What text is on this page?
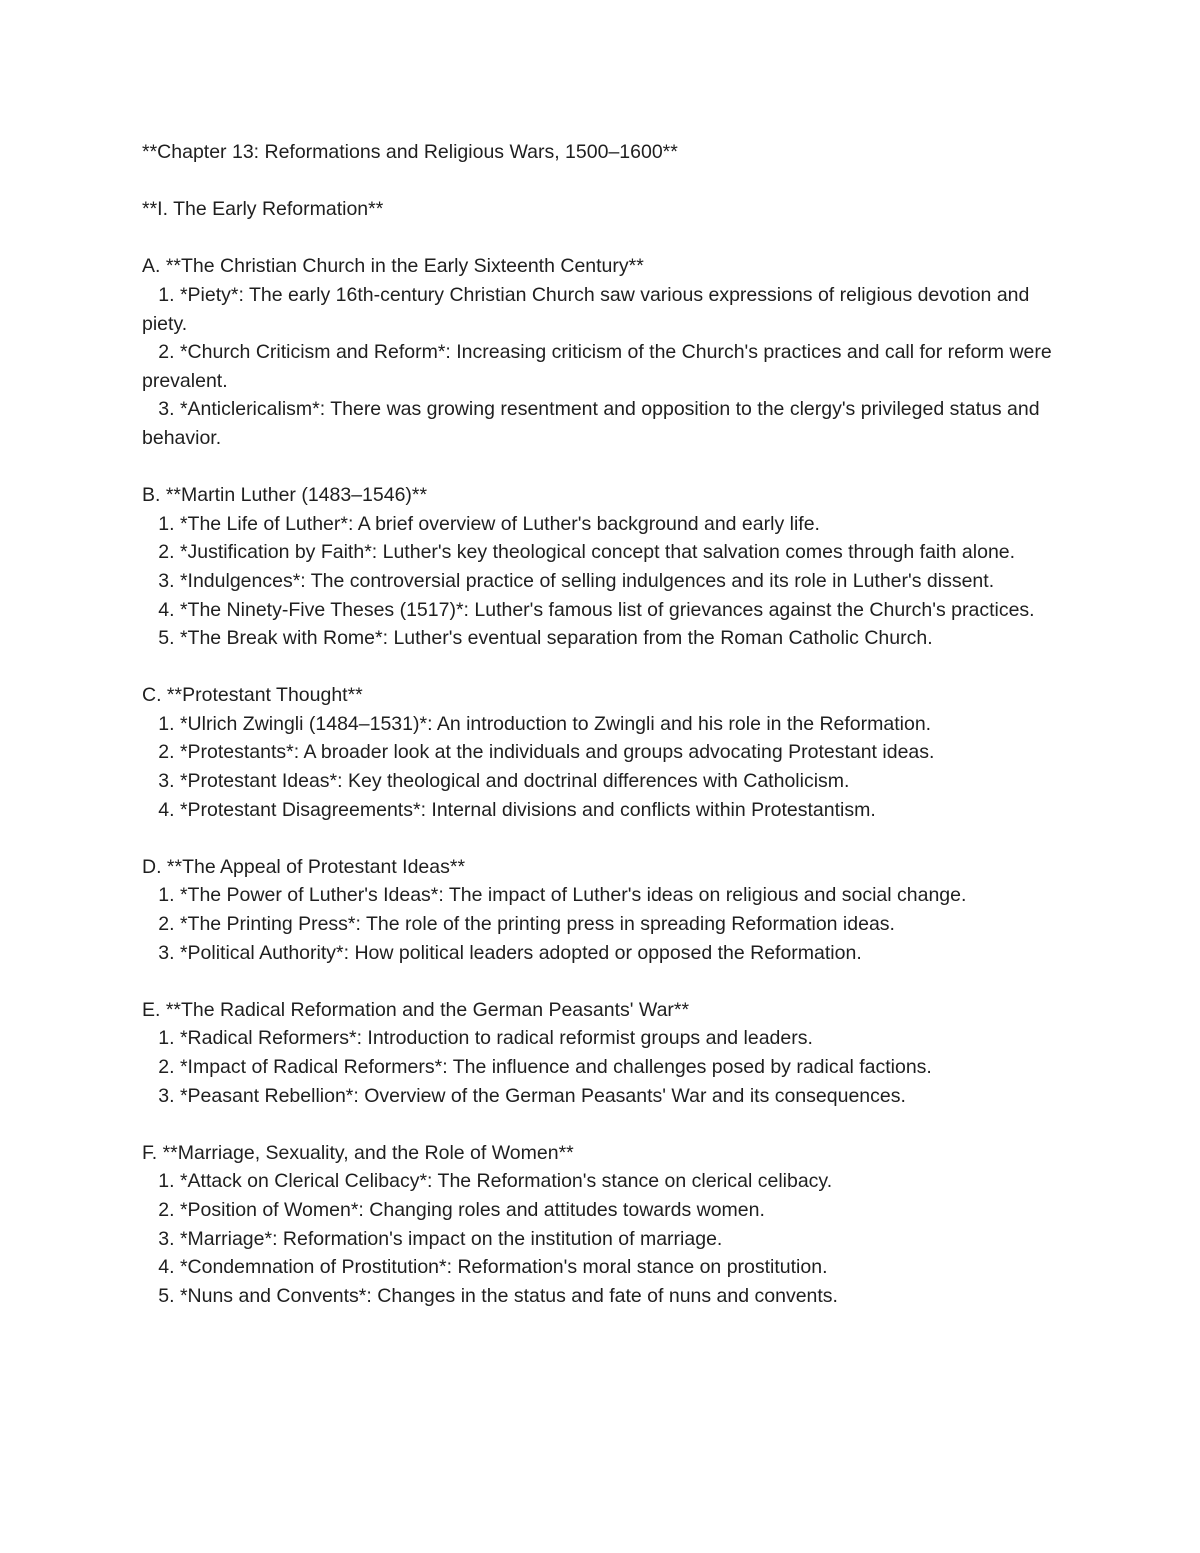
**Chapter 13: Reformations and Religious Wars, 1500–1600**

**I. The Early Reformation**

A. **The Christian Church in the Early Sixteenth Century**

1. *Piety*: The early 16th-century Christian Church saw various expressions of religious devotion and piety.

2. *Church Criticism and Reform*: Increasing criticism of the Church's practices and call for reform were prevalent.

3. *Anticlericalism*: There was growing resentment and opposition to the clergy's privileged status and behavior.

B. **Martin Luther (1483–1546)**

1. *The Life of Luther*: A brief overview of Luther's background and early life.

2. *Justification by Faith*: Luther's key theological concept that salvation comes through faith alone.

3. *Indulgences*: The controversial practice of selling indulgences and its role in Luther's dissent.

4. *The Ninety-Five Theses (1517)*: Luther's famous list of grievances against the Church's practices.

5. *The Break with Rome*: Luther's eventual separation from the Roman Catholic Church.

C. **Protestant Thought**

1. *Ulrich Zwingli (1484–1531)*: An introduction to Zwingli and his role in the Reformation.

2. *Protestants*: A broader look at the individuals and groups advocating Protestant ideas.

3. *Protestant Ideas*: Key theological and doctrinal differences with Catholicism.

4. *Protestant Disagreements*: Internal divisions and conflicts within Protestantism.

D. **The Appeal of Protestant Ideas**

1. *The Power of Luther's Ideas*: The impact of Luther's ideas on religious and social change.

2. *The Printing Press*: The role of the printing press in spreading Reformation ideas.

3. *Political Authority*: How political leaders adopted or opposed the Reformation.

E. **The Radical Reformation and the German Peasants' War**

1. *Radical Reformers*: Introduction to radical reformist groups and leaders.

2. *Impact of Radical Reformers*: The influence and challenges posed by radical factions.

3. *Peasant Rebellion*: Overview of the German Peasants' War and its consequences.

F. **Marriage, Sexuality, and the Role of Women**

1. *Attack on Clerical Celibacy*: The Reformation's stance on clerical celibacy.

2. *Position of Women*: Changing roles and attitudes towards women.

3. *Marriage*: Reformation's impact on the institution of marriage.

4. *Condemnation of Prostitution*: Reformation's moral stance on prostitution.

5. *Nuns and Convents*: Changes in the status and fate of nuns and convents.
